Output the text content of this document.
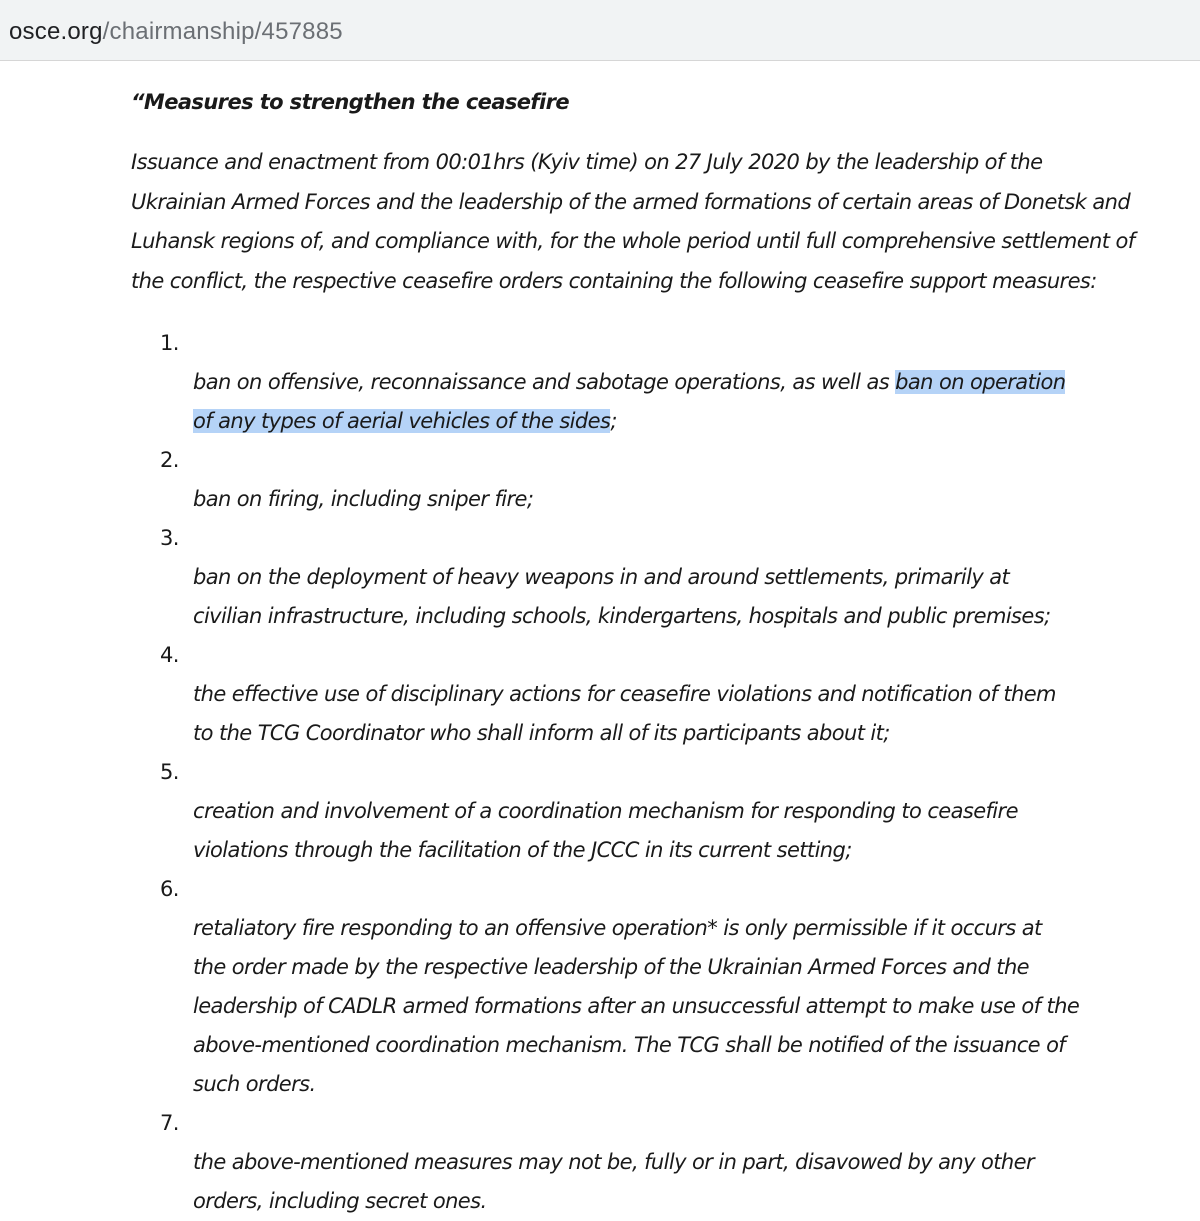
osce.org/chairmanship/457885

“Measures to strengthen the ceasefire

Issuance and enactment from 00:01hrs (Kyiv time) on 27 July 2020 by the leadership of the
Ukrainian Armed Forces and the leadership of the armed formations of certain areas of Donetsk and
Luhansk regions of, and compliance with, for the whole period until full comprehensive settlement of
the conflict, the respective ceasefire orders containing the following ceasefire support measures:

1.
ban on offensive, reconnaissance and sabotage operations, as well as ban on operation
of any types of aerial vehicles of the sides;

2.
ban on firing, including sniper fire;

3.
ban on the deployment of heavy weapons in and around settlements, primarily at
civilian infrastructure, including schools, kindergartens, hospitals and public premises;

4.
the effective use of disciplinary actions for ceasefire violations and notification of them
to the TCG Coordinator who shall inform all of its participants about it;

5.
creation and involvement of a coordination mechanism for responding to ceasefire
violations through the facilitation of the JCCC in its current setting;

6.
retaliatory fire responding to an offensive operation* is only permissible if it occurs at
the order made by the respective leadership of the Ukrainian Armed Forces and the
leadership of CADLR armed formations after an unsuccessful attempt to make use of the
above-mentioned coordination mechanism. The TCG shall be notified of the issuance of
such orders.

7.
the above-mentioned measures may not be, fully or in part, disavowed by any other
orders, including secret ones.
